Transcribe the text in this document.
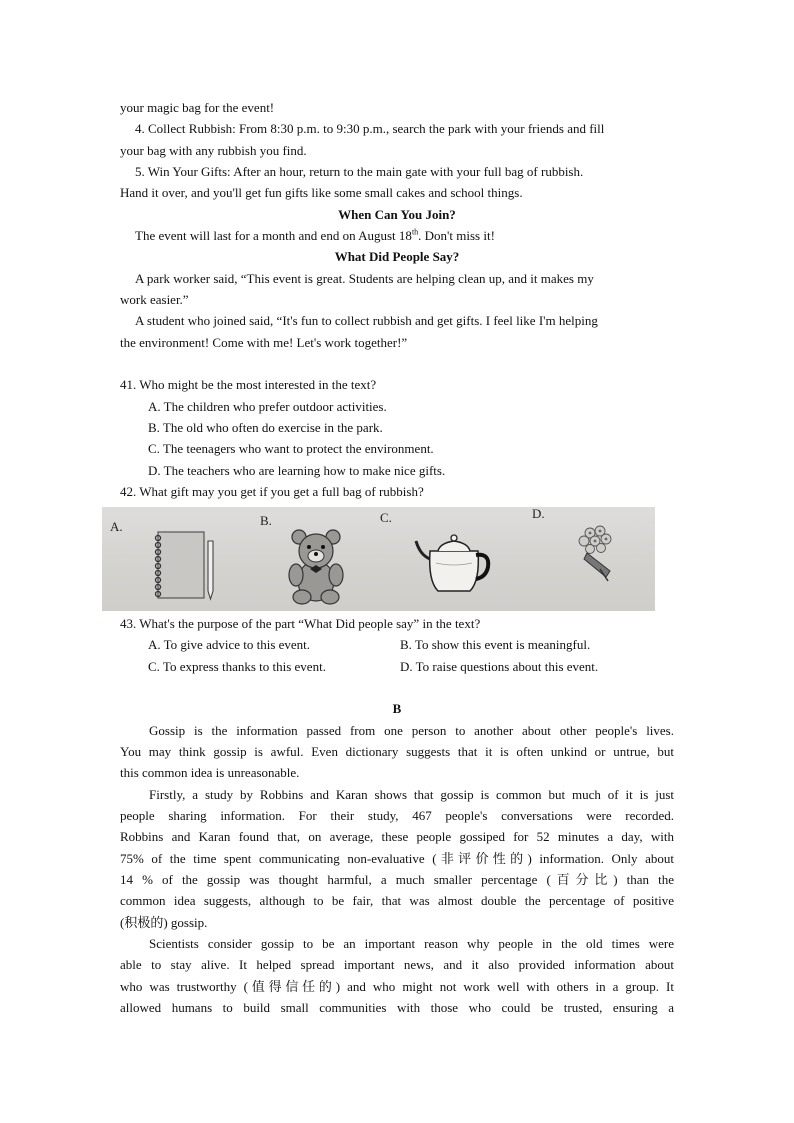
your magic bag for the event!
4. Collect Rubbish: From 8:30 p.m. to 9:30 p.m., search the park with your friends and fill
your bag with any rubbish you find.
5. Win Your Gifts: After an hour, return to the main gate with your full bag of rubbish.
Hand it over, and you'll get fun gifts like some small cakes and school things.
When Can You Join?
The event will last for a month and end on August 18th. Don't miss it!
What Did People Say?
A park worker said, “This event is great. Students are helping clean up, and it makes my
work easier.”
A student who joined said, “It's fun to collect rubbish and get gifts. I feel like I'm helping
the environment! Come with me! Let's work together!”
41. Who might be the most interested in the text?
A. The children who prefer outdoor activities.
B. The old who often do exercise in the park.
C. The teenagers who want to protect the environment.
D. The teachers who are learning how to make nice gifts.
42. What gift may you get if you get a full bag of rubbish?
A.	B.	C.	D.
43. What's the purpose of the part “What Did people say” in the text?
A. To give advice to this event.	B. To show this event is meaningful.
C. To express thanks to this event.	D. To raise questions about this event.
B
Gossip is the information passed from one person to another about other people's lives.
You may think gossip is awful. Even dictionary suggests that it is often unkind or untrue, but
this common idea is unreasonable.
Firstly, a study by Robbins and Karan shows that gossip is common but much of it is just
people sharing information. For their study, 467 people's conversations were recorded.
Robbins and Karan found that, on average, these people gossiped for 52 minutes a day, with
75% of the time spent communicating non-evaluative (非评价性的) information. Only about
14 % of the gossip was thought harmful, a much smaller percentage (百分比) than the
common idea suggests, although to be fair, that was almost double the percentage of positive
(积极的) gossip.
Scientists consider gossip to be an important reason why people in the old times were
able to stay alive. It helped spread important news, and it also provided information about
who was trustworthy (值得信任的) and who might not work well with others in a group. It
allowed humans to build small communities with those who could be trusted, ensuring a
